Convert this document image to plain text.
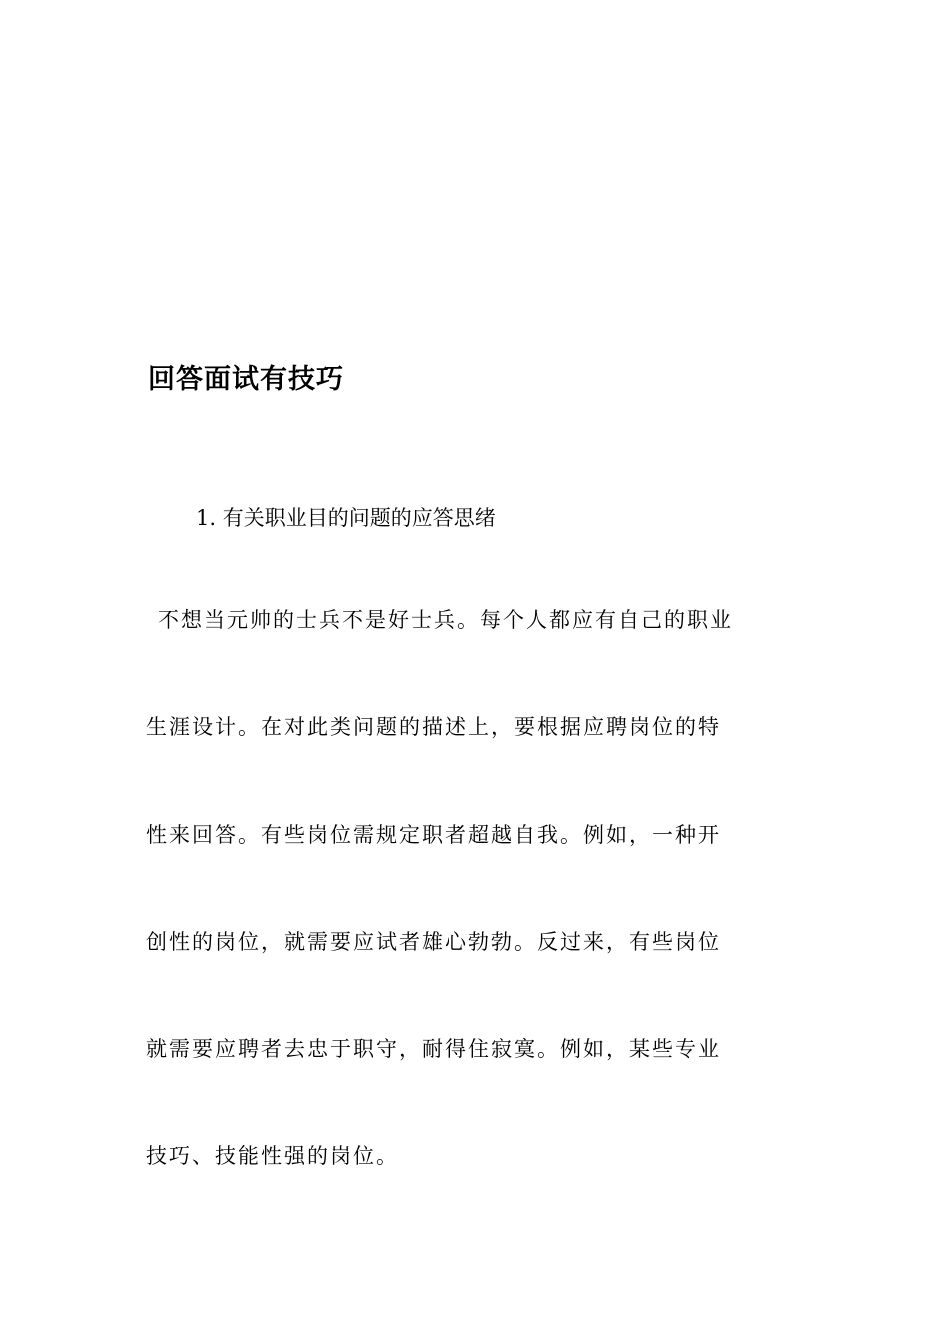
回答面试有技巧

1. 有关职业目的问题的应答思绪

不想当元帅的士兵不是好士兵。每个人都应有自己的职业

生涯设计。在对此类问题的描述上，要根据应聘岗位的特

性来回答。有些岗位需规定职者超越自我。例如，一种开

创性的岗位，就需要应试者雄心勃勃。反过来，有些岗位

就需要应聘者去忠于职守，耐得住寂寞。例如，某些专业

技巧、技能性强的岗位。
